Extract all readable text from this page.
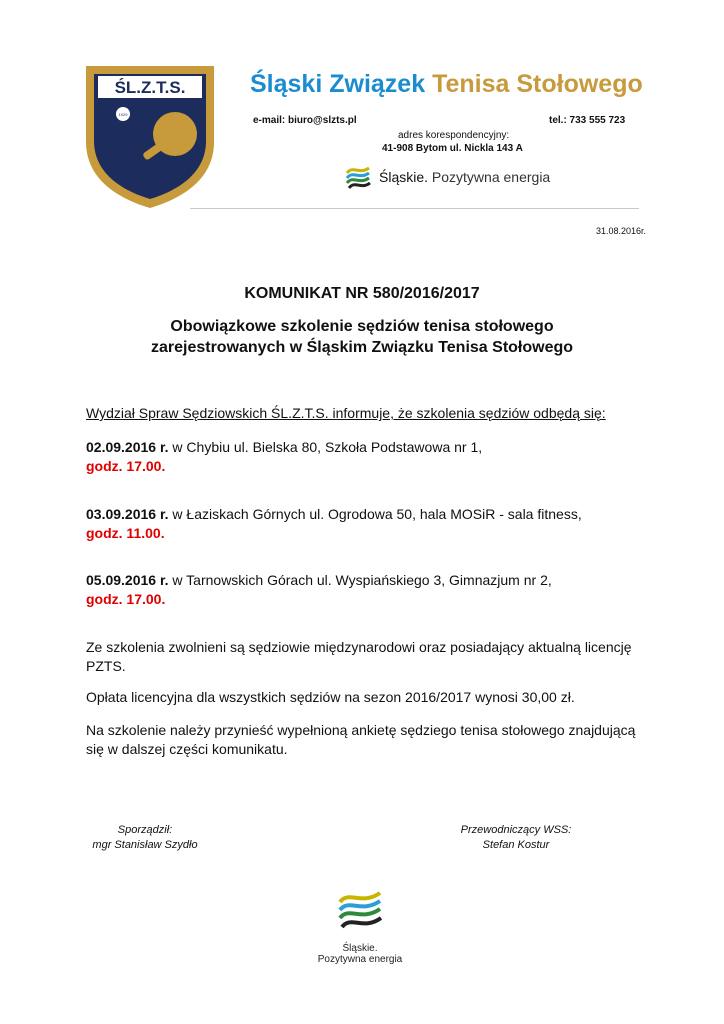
ŚL.Z.T.S.
1929
Śląski Związek Tenisa Stołowego
e-mail: biuro@slzts.pl	tel.: 733 555 723
adres korespondencyjny:
41-908 Bytom ul. Nickla 143 A
Śląskie. Pozytywna energia
31.08.2016r.
KOMUNIKAT NR 580/2016/2017
Obowiązkowe szkolenie sędziów tenisa stołowego
zarejestrowanych w Śląskim Związku Tenisa Stołowego
Wydział Spraw Sędziowskich ŚL.Z.T.S. informuje, że szkolenia sędziów odbędą się:
02.09.2016 r. w Chybiu ul. Bielska 80, Szkoła Podstawowa nr 1,
godz. 17.00.
03.09.2016 r. w Łaziskach Górnych ul. Ogrodowa 50, hala MOSiR - sala fitness,
godz. 11.00.
05.09.2016 r. w Tarnowskich Górach ul. Wyspiańskiego 3, Gimnazjum nr 2,
godz. 17.00.
Ze szkolenia zwolnieni są sędziowie międzynarodowi oraz posiadający aktualną licencję PZTS.
Opłata licencyjna dla wszystkich sędziów na sezon 2016/2017 wynosi 30,00 zł.
Na szkolenie należy przynieść wypełnioną ankietę sędziego tenisa stołowego znajdującą się w dalszej części komunikatu.
Sporządził:
mgr Stanisław Szydło
Przewodniczący WSS:
Stefan Kostur
Śląskie.
Pozytywna energia
